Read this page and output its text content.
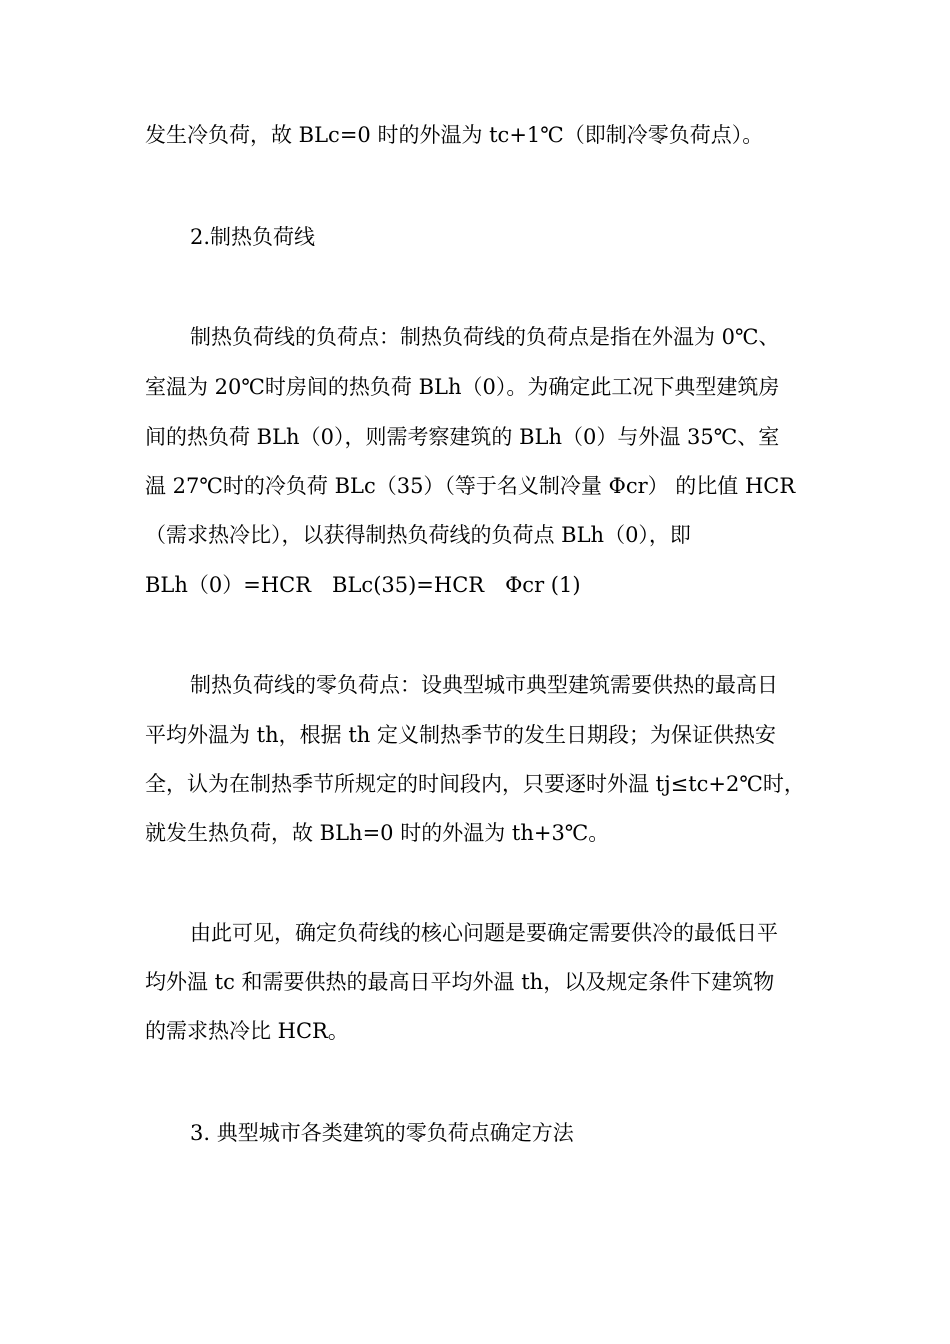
发生冷负荷，故 BLc=0 时的外温为 tc+1℃（即制冷零负荷点）。

2.制热负荷线

制热负荷线的负荷点：制热负荷线的负荷点是指在外温为 0℃、

室温为 20℃时房间的热负荷 BLh（0）。为确定此工况下典型建筑房

间的热负荷 BLh（0），则需考察建筑的 BLh（0）与外温 35℃、室

温 27℃时的冷负荷 BLc（35）（等于名义制冷量 Φcr） 的比值 HCR

（需求热冷比），以获得制热负荷线的负荷点 BLh（0），即

BLh（0）=HCR　BLc(35)=HCR　Φcr (1)

制热负荷线的零负荷点：设典型城市典型建筑需要供热的最高日

平均外温为 th，根据 th 定义制热季节的发生日期段；为保证供热安

全，认为在制热季节所规定的时间段内，只要逐时外温 tj≤tc+2℃时，

就发生热负荷，故 BLh=0 时的外温为 th+3℃。

由此可见，确定负荷线的核心问题是要确定需要供冷的最低日平

均外温 tc 和需要供热的最高日平均外温 th，以及规定条件下建筑物

的需求热冷比 HCR。

3. 典型城市各类建筑的零负荷点确定方法
